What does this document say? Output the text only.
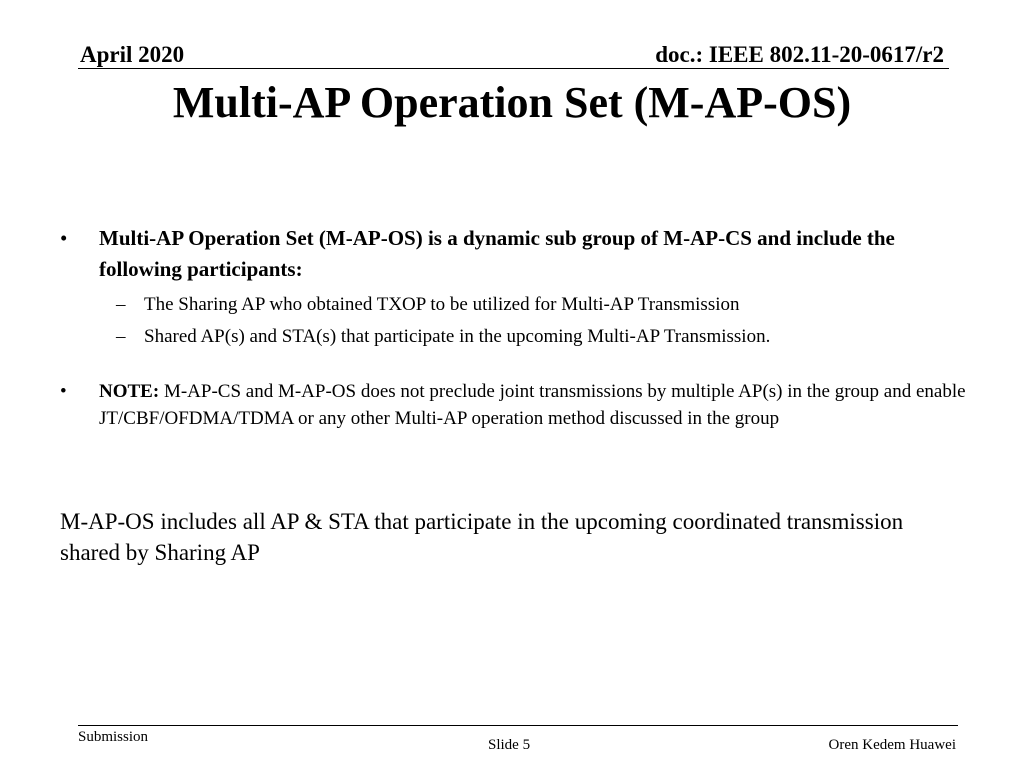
April 2020	doc.: IEEE 802.11-20-0617/r2
Multi-AP Operation Set (M-AP-OS)
•	Multi-AP Operation Set (M-AP-OS) is a dynamic sub group of M-AP-CS and include the following participants:
– The Sharing AP who obtained TXOP to be utilized for Multi-AP Transmission
– Shared AP(s) and STA(s) that participate in the upcoming Multi-AP Transmission.
•	NOTE: M-AP-CS and M-AP-OS does not preclude joint transmissions by multiple AP(s) in the group and enable JT/CBF/OFDMA/TDMA or any other Multi-AP operation method discussed in the group
M-AP-OS includes all AP & STA that participate in the upcoming coordinated transmission shared by Sharing AP
Submission	Slide 5	Oren Kedem Huawei
